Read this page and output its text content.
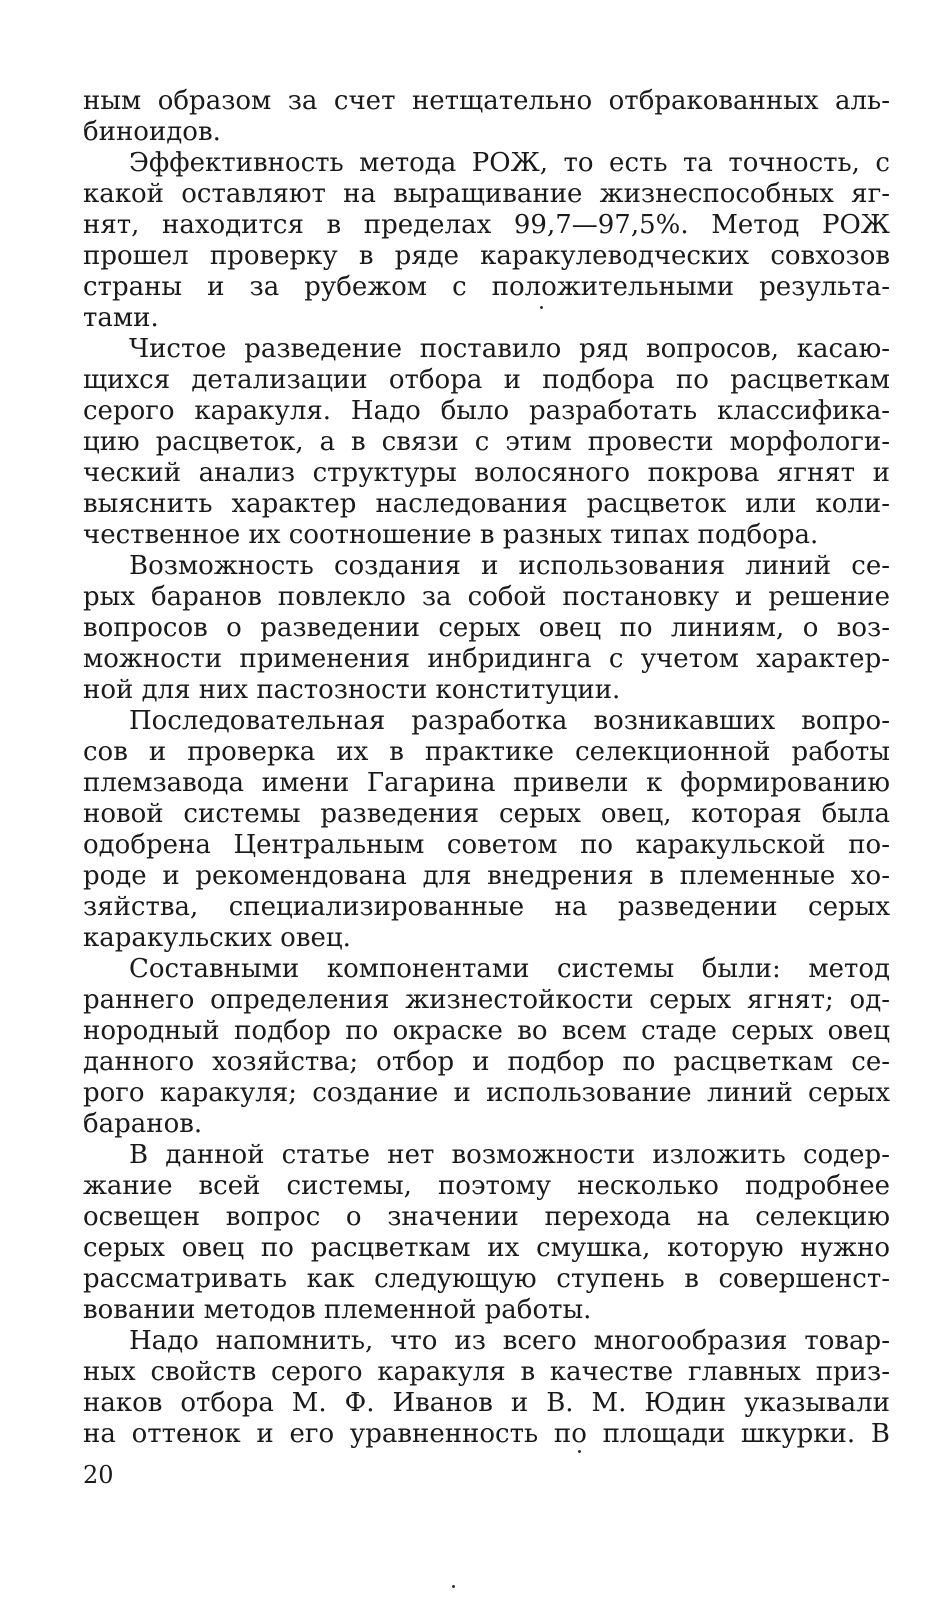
ным образом за счет нетщательно отбракованных аль-
биноидов.
Эффективность метода РОЖ, то есть та точность, с
какой оставляют на выращивание жизнеспособных яг-
нят, находится в пределах 99,7—97,5%. Метод РОЖ
прошел проверку в ряде каракулеводческих совхозов
страны и за рубежом с положительными результа-
тами.
Чистое разведение поставило ряд вопросов, касаю-
щихся детализации отбора и подбора по расцветкам
серого каракуля. Надо было разработать классифика-
цию расцветок, а в связи с этим провести морфологи-
ческий анализ структуры волосяного покрова ягнят и
выяснить характер наследования расцветок или коли-
чественное их соотношение в разных типах подбора.
Возможность создания и использования линий се-
рых баранов повлекло за собой постановку и решение
вопросов о разведении серых овец по линиям, о воз-
можности применения инбридинга с учетом характер-
ной для них пастозности конституции.
Последовательная разработка возникавших вопро-
сов и проверка их в практике селекционной работы
племзавода имени Гагарина привели к формированию
новой системы разведения серых овец, которая была
одобрена Центральным советом по каракульской по-
роде и рекомендована для внедрения в племенные хо-
зяйства, специализированные на разведении серых
каракульских овец.
Составными компонентами системы были: метод
раннего определения жизнестойкости серых ягнят; од-
нородный подбор по окраске во всем стаде серых овец
данного хозяйства; отбор и подбор по расцветкам се-
рого каракуля; создание и использование линий серых
баранов.
В данной статье нет возможности изложить содер-
жание всей системы, поэтому несколько подробнее
освещен вопрос о значении перехода на селекцию
серых овец по расцветкам их смушка, которую нужно
рассматривать как следующую ступень в совершенст-
вовании методов племенной работы.
Надо напомнить, что из всего многообразия товар-
ных свойств серого каракуля в качестве главных приз-
наков отбора М. Ф. Иванов и В. М. Юдин указывали
на оттенок и его уравненность по площади шкурки. В
20
